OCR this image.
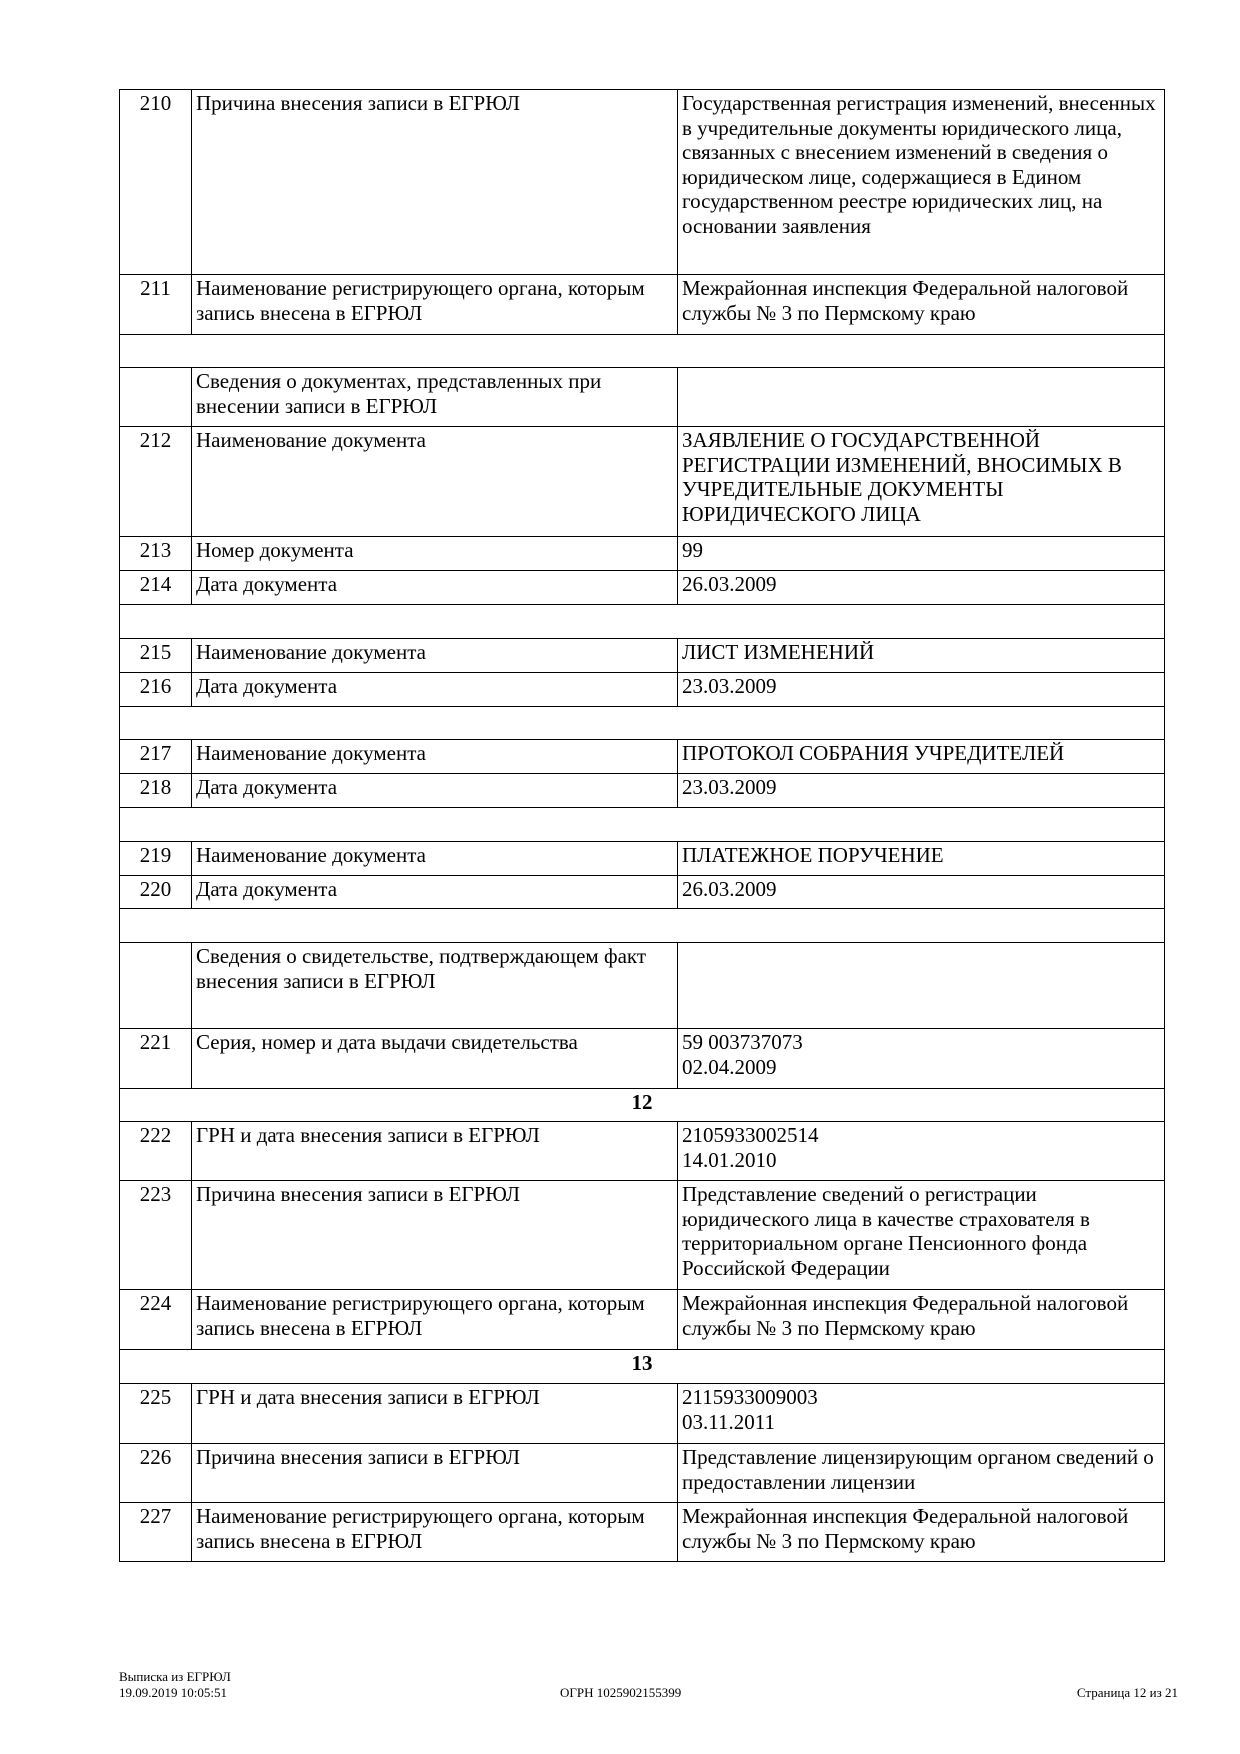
210	Причина внесения записи в ЕГРЮЛ	Государственная регистрация изменений, внесенных в учредительные документы юридического лица, связанных с внесением изменений в сведения о юридическом лице, содержащиеся в Едином государственном реестре юридических лиц, на основании заявления
211	Наименование регистрирующего органа, которым запись внесена в ЕГРЮЛ	Межрайонная инспекция Федеральной налоговой службы № 3 по Пермскому краю

	Сведения о документах, представленных при внесении записи в ЕГРЮЛ	
212	Наименование документа	ЗАЯВЛЕНИЕ О ГОСУДАРСТВЕННОЙ РЕГИСТРАЦИИ ИЗМЕНЕНИЙ, ВНОСИМЫХ В УЧРЕДИТЕЛЬНЫЕ ДОКУМЕНТЫ ЮРИДИЧЕСКОГО ЛИЦА
213	Номер документа	99
214	Дата документа	26.03.2009

215	Наименование документа	ЛИСТ ИЗМЕНЕНИЙ
216	Дата документа	23.03.2009

217	Наименование документа	ПРОТОКОЛ СОБРАНИЯ УЧРЕДИТЕЛЕЙ
218	Дата документа	23.03.2009

219	Наименование документа	ПЛАТЕЖНОЕ ПОРУЧЕНИЕ
220	Дата документа	26.03.2009

	Сведения о свидетельстве, подтверждающем факт внесения записи в ЕГРЮЛ	
221	Серия, номер и дата выдачи свидетельства	59 003737073
02.04.2009
12		
222	ГРН и дата внесения записи в ЕГРЮЛ	2105933002514
14.01.2010
223	Причина внесения записи в ЕГРЮЛ	Представление сведений о регистрации юридического лица в качестве страхователя в территориальном органе Пенсионного фонда Российской Федерации
224	Наименование регистрирующего органа, которым запись внесена в ЕГРЮЛ	Межрайонная инспекция Федеральной налоговой службы № 3 по Пермскому краю
13		
225	ГРН и дата внесения записи в ЕГРЮЛ	2115933009003
03.11.2011
226	Причина внесения записи в ЕГРЮЛ	Представление лицензирующим органом сведений о предоставлении лицензии
227	Наименование регистрирующего органа, которым запись внесена в ЕГРЮЛ	Межрайонная инспекция Федеральной налоговой службы № 3 по Пермскому краю
Выписка из ЕГРЮЛ
19.09.2019 10:05:51	ОГРН 1025902155399	Страница 12 из 21
